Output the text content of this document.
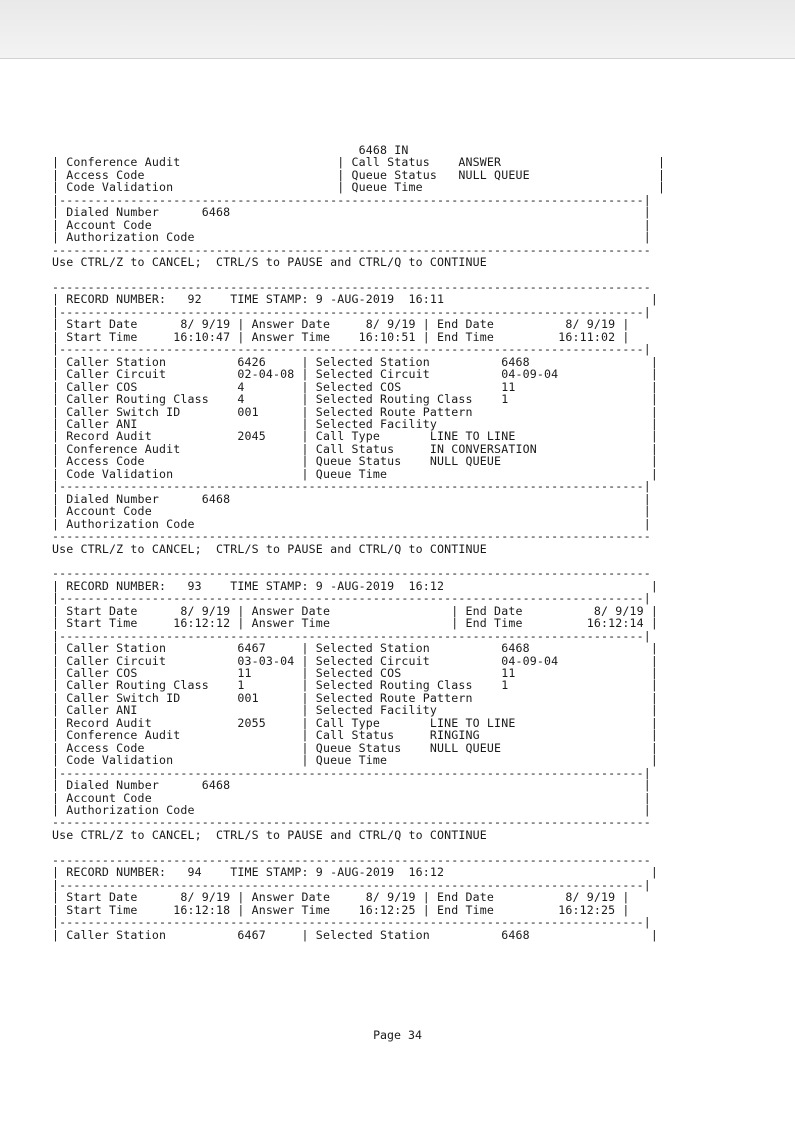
6468 IN
| Conference Audit                      | Call Status    ANSWER                      |
| Access Code                           | Queue Status   NULL QUEUE                  |
| Code Validation                       | Queue Time                                 |
|----------------------------------------------------------------------------------|
| Dialed Number      6468                                                          |
| Account Code                                                                     |
| Authorization Code                                                               |
------------------------------------------------------------------------------------
Use CTRL/Z to CANCEL;  CTRL/S to PAUSE and CTRL/Q to CONTINUE

------------------------------------------------------------------------------------
| RECORD NUMBER:   92    TIME STAMP: 9 -AUG-2019  16:11                             |
|----------------------------------------------------------------------------------|
| Start Date      8/ 9/19 | Answer Date     8/ 9/19 | End Date          8/ 9/19 |
| Start Time     16:10:47 | Answer Time    16:10:51 | End Time         16:11:02 |
|----------------------------------------------------------------------------------|
| Caller Station          6426     | Selected Station          6468                 |
| Caller Circuit          02-04-08 | Selected Circuit          04-09-04             |
| Caller COS              4        | Selected COS              11                   |
| Caller Routing Class    4        | Selected Routing Class    1                    |
| Caller Switch ID        001      | Selected Route Pattern                         |
| Caller ANI                       | Selected Facility                              |
| Record Audit            2045     | Call Type       LINE TO LINE                   |
| Conference Audit                 | Call Status     IN CONVERSATION                |
| Access Code                      | Queue Status    NULL QUEUE                     |
| Code Validation                  | Queue Time                                     |
|----------------------------------------------------------------------------------|
| Dialed Number      6468                                                          |
| Account Code                                                                     |
| Authorization Code                                                               |
------------------------------------------------------------------------------------
Use CTRL/Z to CANCEL;  CTRL/S to PAUSE and CTRL/Q to CONTINUE

------------------------------------------------------------------------------------
| RECORD NUMBER:   93    TIME STAMP: 9 -AUG-2019  16:12                             |
|----------------------------------------------------------------------------------|
| Start Date      8/ 9/19 | Answer Date                 | End Date          8/ 9/19 |
| Start Time     16:12:12 | Answer Time                 | End Time         16:12:14 |
|----------------------------------------------------------------------------------|
| Caller Station          6467     | Selected Station          6468                 |
| Caller Circuit          03-03-04 | Selected Circuit          04-09-04             |
| Caller COS              11       | Selected COS              11                   |
| Caller Routing Class    1        | Selected Routing Class    1                    |
| Caller Switch ID        001      | Selected Route Pattern                         |
| Caller ANI                       | Selected Facility                              |
| Record Audit            2055     | Call Type       LINE TO LINE                   |
| Conference Audit                 | Call Status     RINGING                        |
| Access Code                      | Queue Status    NULL QUEUE                     |
| Code Validation                  | Queue Time                                     |
|----------------------------------------------------------------------------------|
| Dialed Number      6468                                                          |
| Account Code                                                                     |
| Authorization Code                                                               |
------------------------------------------------------------------------------------
Use CTRL/Z to CANCEL;  CTRL/S to PAUSE and CTRL/Q to CONTINUE

------------------------------------------------------------------------------------
| RECORD NUMBER:   94    TIME STAMP: 9 -AUG-2019  16:12                             |
|----------------------------------------------------------------------------------|
| Start Date      8/ 9/19 | Answer Date     8/ 9/19 | End Date          8/ 9/19 |
| Start Time     16:12:18 | Answer Time    16:12:25 | End Time         16:12:25 |
|----------------------------------------------------------------------------------|
| Caller Station          6467     | Selected Station          6468                 |
Page 34
